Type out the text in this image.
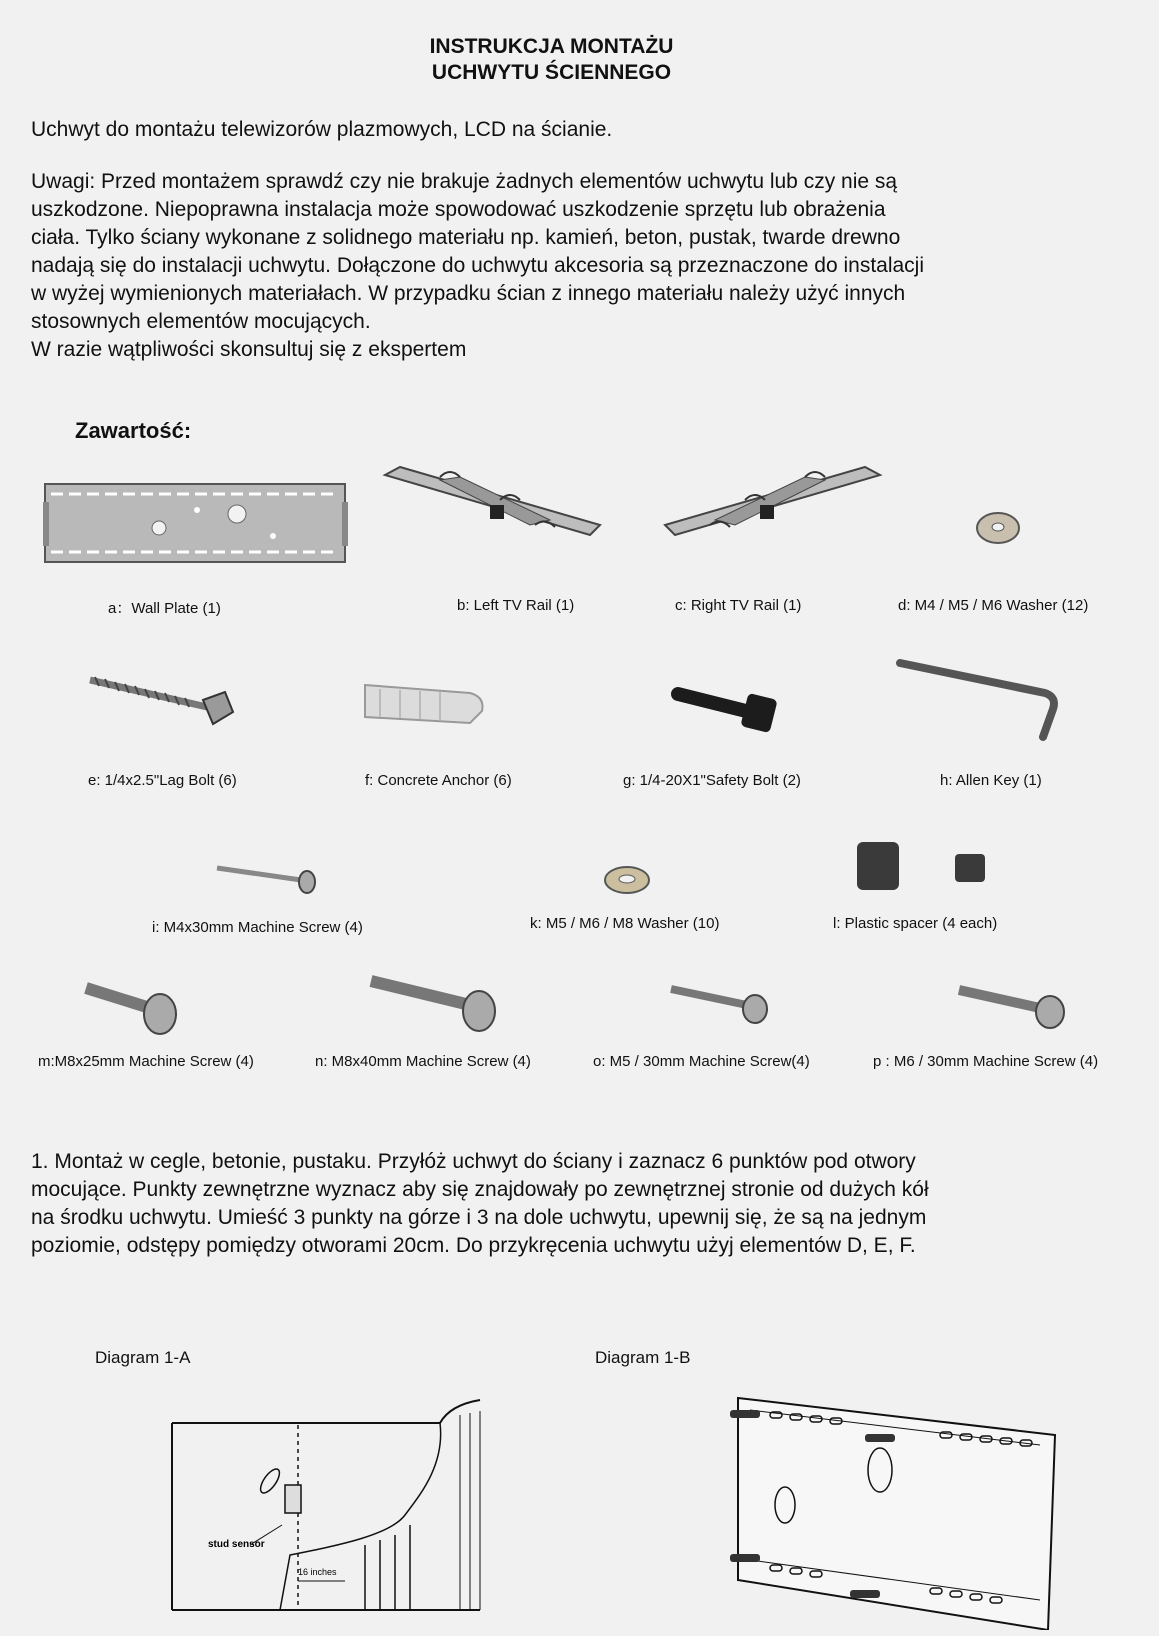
INSTRUKCJA MONTAŻU
UCHWYTU ŚCIENNEGO

Uchwyt do montażu telewizorów plazmowych, LCD na ścianie.

Uwagi: Przed montażem sprawdź czy nie brakuje żadnych elementów uchwytu lub czy nie są
uszkodzone. Niepoprawna instalacja może spowodować uszkodzenie sprzętu lub obrażenia
ciała. Tylko ściany wykonane z solidnego materiału np. kamień, beton, pustak, twarde drewno
nadają się do instalacji uchwytu. Dołączone do uchwytu akcesoria są przeznaczone do instalacji
w wyżej wymienionych materiałach. W przypadku ścian z innego materiału należy użyć innych
stosownych elementów mocujących.
W razie wątpliwości skonsultuj się z ekspertem

Zawartość:
a：Wall Plate (1)	b: Left TV Rail (1)	c: Right TV Rail (1)	d: M4 / M5 / M6 Washer (12)
e: 1/4x2.5"Lag Bolt (6)	f: Concrete Anchor (6)	g: 1/4-20X1"Safety Bolt (2)	h: Allen Key (1)
i: M4x30mm Machine Screw (4)	k: M5 / M6 / M8 Washer (10)	l: Plastic spacer (4 each)
m:M8x25mm Machine Screw (4)	n: M8x40mm Machine Screw (4)	o: M5 / 30mm Machine Screw(4)	p : M6 / 30mm Machine Screw (4)

1. Montaż w cegle, betonie, pustaku. Przyłóż uchwyt do ściany i zaznacz 6 punktów pod otwory
mocujące. Punkty zewnętrzne wyznacz aby się znajdowały po zewnętrznej stronie od dużych kół
na środku uchwytu. Umieść 3 punkty na górze i 3 na dole uchwytu, upewnij się, że są na jednym
poziomie, odstępy pomiędzy otworami 20cm. Do przykręcenia uchwytu użyj elementów D, E, F.

Diagram 1-A	Diagram 1-B
stud sensor
16 inches
